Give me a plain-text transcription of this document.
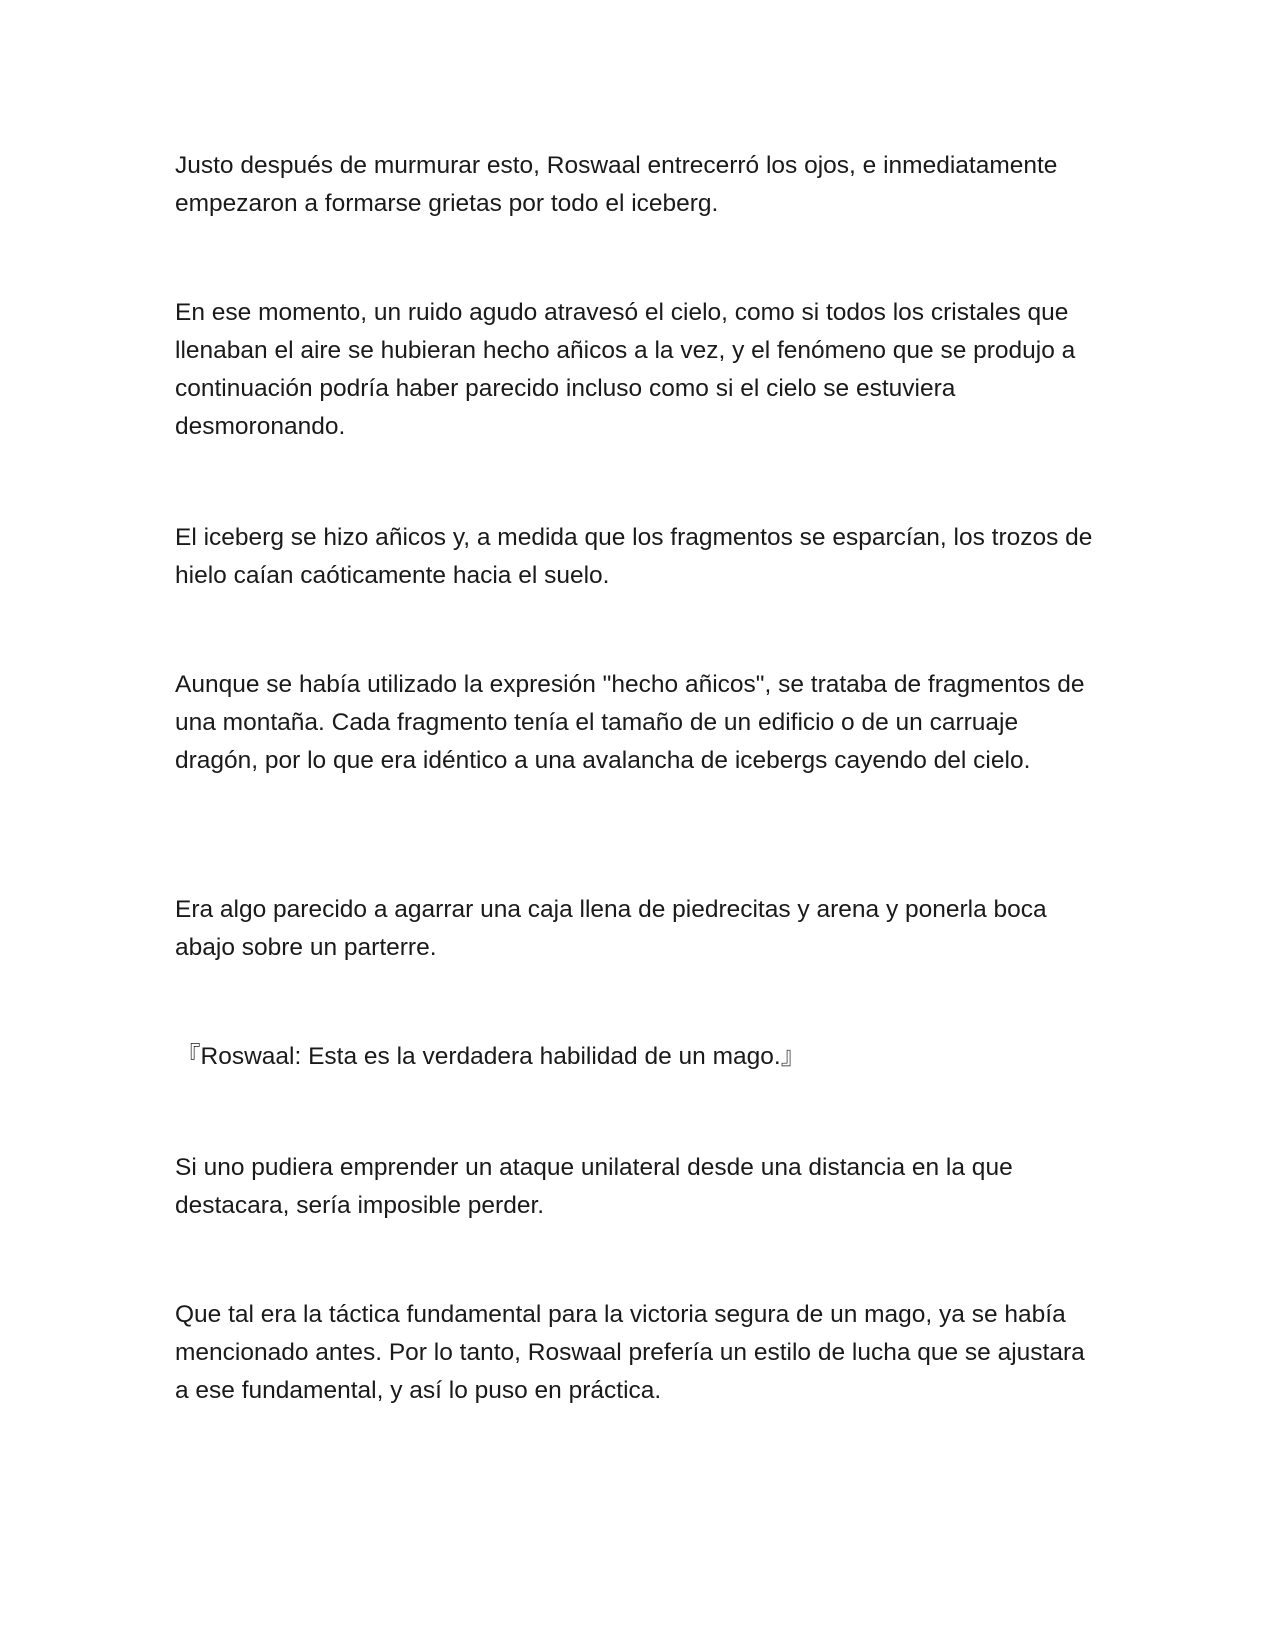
Justo después de murmurar esto, Roswaal entrecerró los ojos, e inmediatamente empezaron a formarse grietas por todo el iceberg.

En ese momento, un ruido agudo atravesó el cielo, como si todos los cristales que llenaban el aire se hubieran hecho añicos a la vez, y el fenómeno que se produjo a continuación podría haber parecido incluso como si el cielo se estuviera desmoronando.

El iceberg se hizo añicos y, a medida que los fragmentos se esparcían, los trozos de hielo caían caóticamente hacia el suelo.

Aunque se había utilizado la expresión "hecho añicos", se trataba de fragmentos de una montaña. Cada fragmento tenía el tamaño de un edificio o de un carruaje dragón, por lo que era idéntico a una avalancha de icebergs cayendo del cielo.

Era algo parecido a agarrar una caja llena de piedrecitas y arena y ponerla boca abajo sobre un parterre.

『Roswaal: Esta es la verdadera habilidad de un mago.』

Si uno pudiera emprender un ataque unilateral desde una distancia en la que destacara, sería imposible perder.

Que tal era la táctica fundamental para la victoria segura de un mago, ya se había mencionado antes. Por lo tanto, Roswaal prefería un estilo de lucha que se ajustara a ese fundamental, y así lo puso en práctica.
